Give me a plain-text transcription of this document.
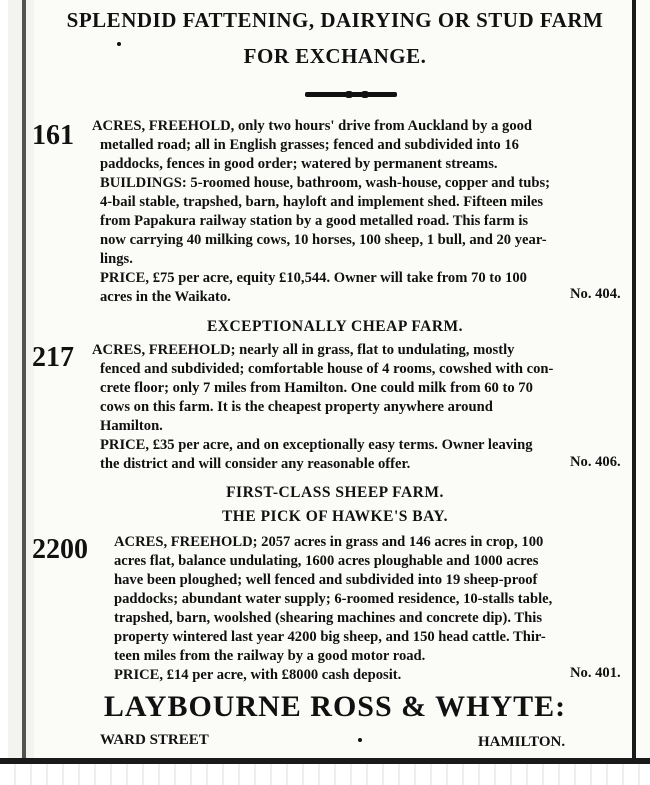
SPLENDID FATTENING, DAIRYING OR STUD FARM
FOR EXCHANGE.
161 ACRES, FREEHOLD, only two hours' drive from Auckland by a good
metalled road; all in English grasses; fenced and subdivided into 16
paddocks, fences in good order; watered by permanent streams.
BUILDINGS: 5-roomed house, bathroom, wash-house, copper and tubs;
4-bail stable, trapshed, barn, hayloft and implement shed. Fifteen miles
from Papakura railway station by a good metalled road. This farm is
now carrying 40 milking cows, 10 horses, 100 sheep, 1 bull, and 20 year-
lings.
PRICE, £75 per acre, equity £10,544. Owner will take from 70 to 100
acres in the Waikato.	No. 404.
EXCEPTIONALLY CHEAP FARM.
217 ACRES, FREEHOLD; nearly all in grass, flat to undulating, mostly
fenced and subdivided; comfortable house of 4 rooms, cowshed with con-
crete floor; only 7 miles from Hamilton. One could milk from 60 to 70
cows on this farm. It is the cheapest property anywhere around
Hamilton.
PRICE, £35 per acre, and on exceptionally easy terms. Owner leaving
the district and will consider any reasonable offer.	No. 406.
FIRST-CLASS SHEEP FARM.
THE PICK OF HAWKE'S BAY.
2200 ACRES, FREEHOLD; 2057 acres in grass and 146 acres in crop, 100
acres flat, balance undulating, 1600 acres ploughable and 1000 acres
have been ploughed; well fenced and subdivided into 19 sheep-proof
paddocks; abundant water supply; 6-roomed residence, 10-stalls table,
trapshed, barn, woolshed (shearing machines and concrete dip). This
property wintered last year 4200 big sheep, and 150 head cattle. Thir-
teen miles from the railway by a good motor road.
PRICE, £14 per acre, with £8000 cash deposit.	No. 401.
LAYBOURNE ROSS & WHYTE:
WARD STREET	HAMILTON.
